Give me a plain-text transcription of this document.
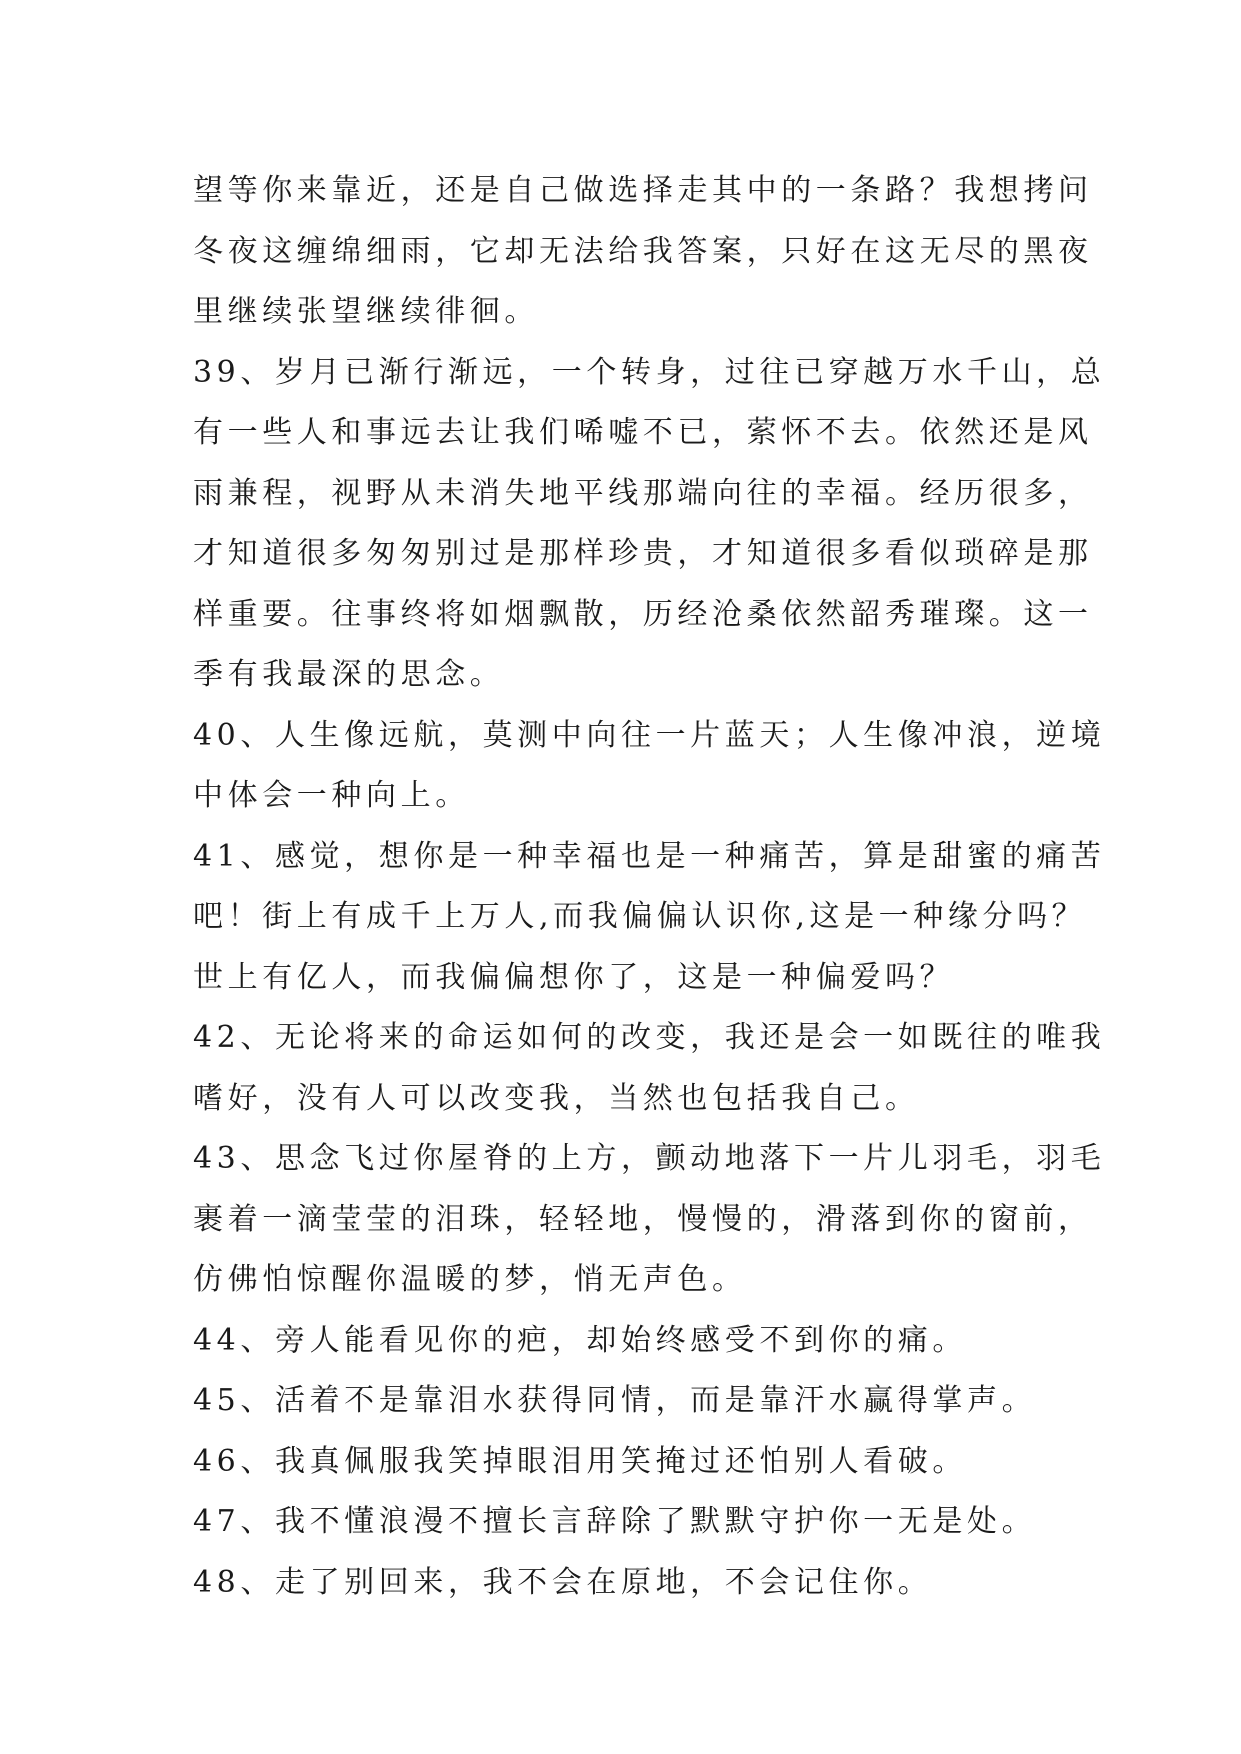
望等你来靠近，还是自己做选择走其中的一条路？我想拷问
冬夜这缠绵细雨，它却无法给我答案，只好在这无尽的黑夜
里继续张望继续徘徊。
39、岁月已渐行渐远，一个转身，过往已穿越万水千山，总
有一些人和事远去让我们唏嘘不已，萦怀不去。依然还是风
雨兼程，视野从未消失地平线那端向往的幸福。经历很多，
才知道很多匆匆别过是那样珍贵，才知道很多看似琐碎是那
样重要。往事终将如烟飘散，历经沧桑依然韶秀璀璨。这一
季有我最深的思念。
40、人生像远航，莫测中向往一片蓝天；人生像冲浪，逆境
中体会一种向上。
41、感觉，想你是一种幸福也是一种痛苦，算是甜蜜的痛苦
吧！街上有成千上万人,而我偏偏认识你,这是一种缘分吗？
世上有亿人，而我偏偏想你了，这是一种偏爱吗？
42、无论将来的命运如何的改变，我还是会一如既往的唯我
嗜好，没有人可以改变我，当然也包括我自己。
43、思念飞过你屋脊的上方，颤动地落下一片儿羽毛，羽毛
裹着一滴莹莹的泪珠，轻轻地，慢慢的，滑落到你的窗前，
仿佛怕惊醒你温暖的梦，悄无声色。
44、旁人能看见你的疤，却始终感受不到你的痛。
45、活着不是靠泪水获得同情，而是靠汗水赢得掌声。
46、我真佩服我笑掉眼泪用笑掩过还怕别人看破。
47、我不懂浪漫不擅长言辞除了默默守护你一无是处。
48、走了别回来，我不会在原地，不会记住你。
